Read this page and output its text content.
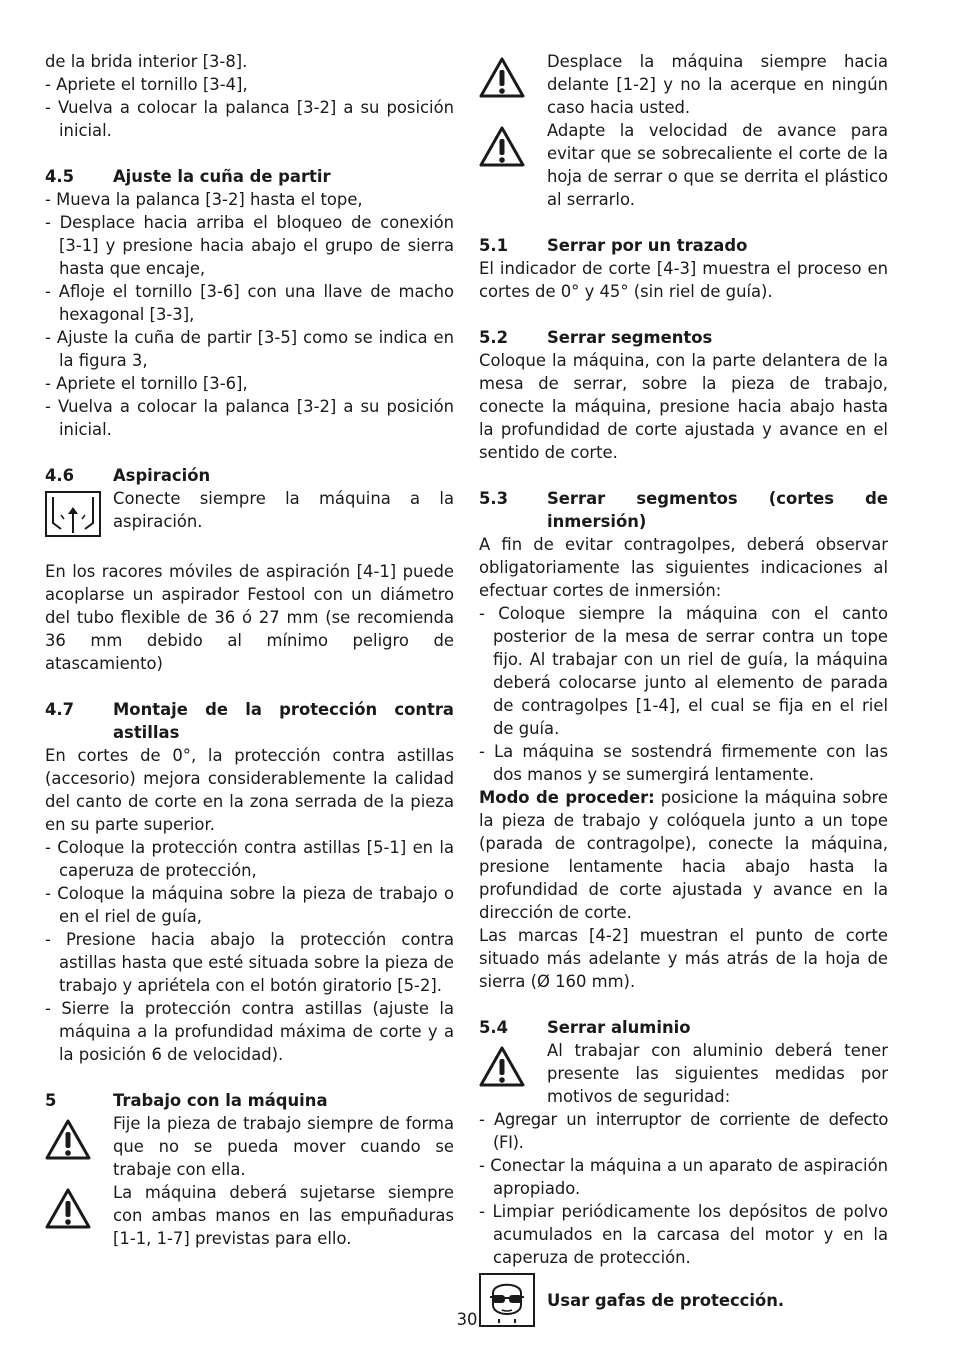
de la brida interior [3-8].

- Apriete el tornillo [3-4],

- Vuelva a colocar la palanca [3-2] a su posición inicial.

4.5	Ajuste la cuña de partir

- Mueva la palanca [3-2] hasta el tope,

- Desplace hacia arriba el bloqueo de conexión [3-1] y presione hacia abajo el grupo de sierra hasta que encaje,

- Afloje el tornillo [3-6] con una llave de macho hexagonal [3-3],

- Ajuste la cuña de partir [3-5] como se indica en la figura 3,

- Apriete el tornillo [3-6],

- Vuelva a colocar la palanca [3-2] a su posición inicial.

4.6	Aspiración

Conecte siempre la máquina a la aspiración.

En los racores móviles de aspiración [4-1] puede acoplarse un aspirador Festool con un diámetro del tubo flexible de 36 ó 27 mm (se recomienda 36 mm debido al mínimo peligro de atascamiento)

4.7	Montaje de la protección contra astillas

En cortes de 0°, la protección contra astillas (accesorio) mejora considerablemente la calidad del canto de corte en la zona serrada de la pieza en su parte superior.

- Coloque la protección contra astillas [5-1] en la caperuza de protección,

- Coloque la máquina sobre la pieza de trabajo o en el riel de guía,

- Presione hacia abajo la protección contra astillas hasta que esté situada sobre la pieza de trabajo y apriétela con el botón giratorio [5-2].

- Sierre la protección contra astillas (ajuste la máquina a la profundidad máxima de corte y a la posición 6 de velocidad).

5	Trabajo con la máquina

Fije la pieza de trabajo siempre de forma que no se pueda mover cuando se trabaje con ella.

La máquina deberá sujetarse siempre con ambas manos en las empuñaduras [1-1, 1-7] previstas para ello.

Desplace la máquina siempre hacia delante [1-2] y no la acerque en ningún caso hacia usted.

Adapte la velocidad de avance para evitar que se sobrecaliente el corte de la hoja de serrar o que se derrita el plástico al serrarlo.

5.1	Serrar por un trazado

El indicador de corte [4-3] muestra el proceso en cortes de 0° y 45° (sin riel de guía).

5.2	Serrar segmentos

Coloque la máquina, con la parte delantera de la mesa de serrar, sobre la pieza de trabajo, conecte la máquina, presione hacia abajo hasta la profundidad de corte ajustada y avance en el sentido de corte.

5.3	Serrar segmentos (cortes de inmersión)

A fin de evitar contragolpes, deberá observar obligatoriamente las siguientes indicaciones al efectuar cortes de inmersión:

- Coloque siempre la máquina con el canto posterior de la mesa de serrar contra un tope fijo. Al trabajar con un riel de guía, la máquina deberá colocarse junto al elemento de parada de contragolpes [1-4], el cual se fija en el riel de guía.

- La máquina se sostendrá firmemente con las dos manos y se sumergirá lentamente.

Modo de proceder: posicione la máquina sobre la pieza de trabajo y colóquela junto a un tope (parada de contragolpe), conecte la máquina, presione lentamente hacia abajo hasta la profundidad de corte ajustada y avance en la dirección de corte.

Las marcas [4-2] muestran el punto de corte situado más adelante y más atrás de la hoja de sierra (Ø 160 mm).

5.4	Serrar aluminio

Al trabajar con aluminio deberá tener presente las siguientes medidas por motivos de seguridad:

- Agregar un interruptor de corriente de defecto (FI).

- Conectar la máquina a un aparato de aspiración apropiado.

- Limpiar periódicamente los depósitos de polvo acumulados en la carcasa del motor y en la caperuza de protección.

Usar gafas de protección.
30
